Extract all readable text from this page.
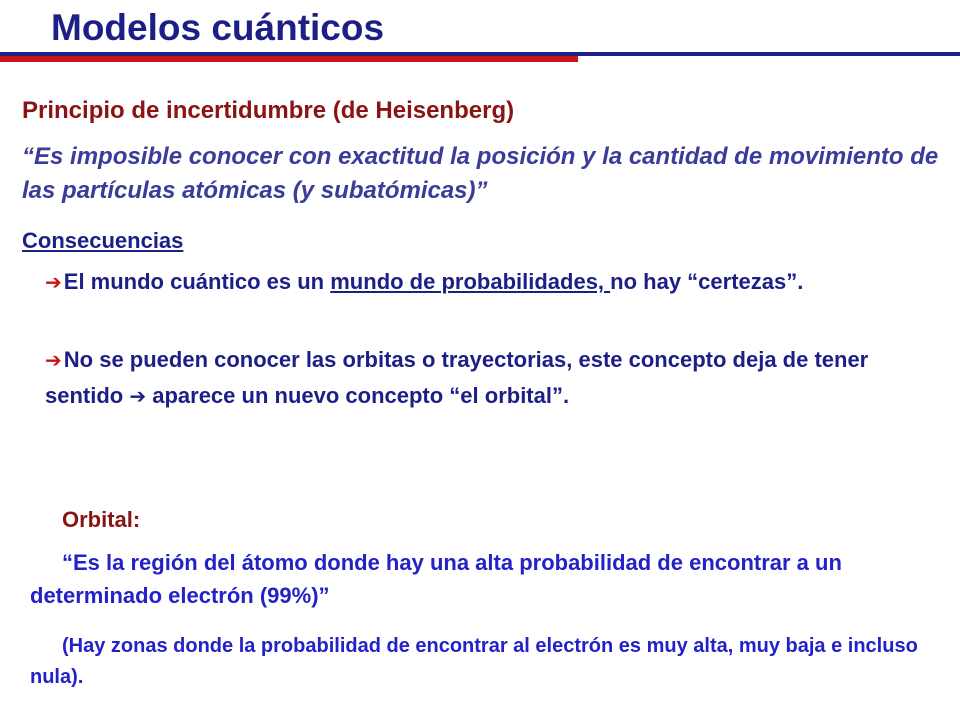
Modelos cuánticos
Principio de incertidumbre (de Heisenberg)
“Es imposible conocer con exactitud la posición y la cantidad de movimiento de las partículas atómicas (y subatómicas)”
Consecuencias
➔El mundo cuántico es un mundo de probabilidades, no hay “certezas”.
➔No se pueden conocer las orbitas o trayectorias, este concepto deja de tener sentido ➔ aparece un nuevo concepto “el orbital”.
Orbital:
“Es la región del átomo donde hay una alta probabilidad de encontrar a un determinado electrón (99%)”
(Hay zonas donde la probabilidad de encontrar al electrón es muy alta, muy baja e incluso nula).
